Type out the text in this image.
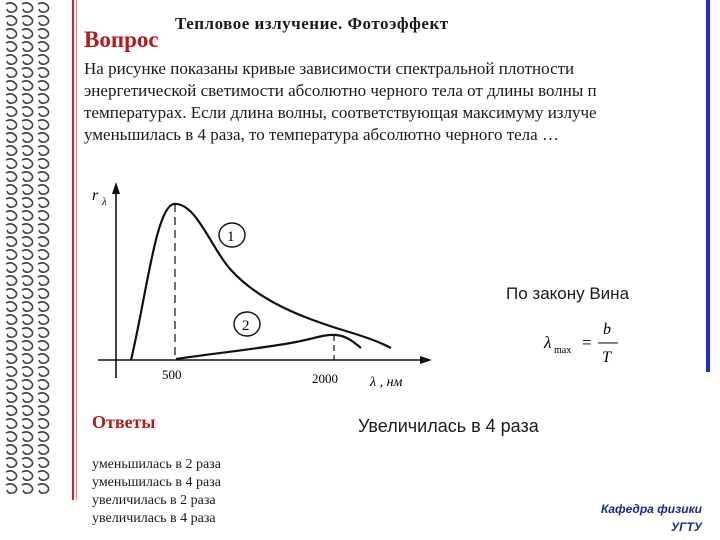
Тепловое излучение. Фотоэффект
Вопрос
На рисунке показаны кривые зависимости спектральной плотности
энергетической светимости абсолютно черного тела от длины волны п
температурах. Если длина волны, соответствующая максимуму излуче
уменьшилась в 4 раза, то температура абсолютно черного тела …
r λ
500	2000 λ , нм
1
2
По закону Вина
λ max =
b
T
Ответы	Увеличилась в 4 раза
уменьшилась в 2 раза
уменьшилась в 4 раза
увеличилась в 2 раза
увеличилась в 4 раза
Кафедра физики
УГТУ
